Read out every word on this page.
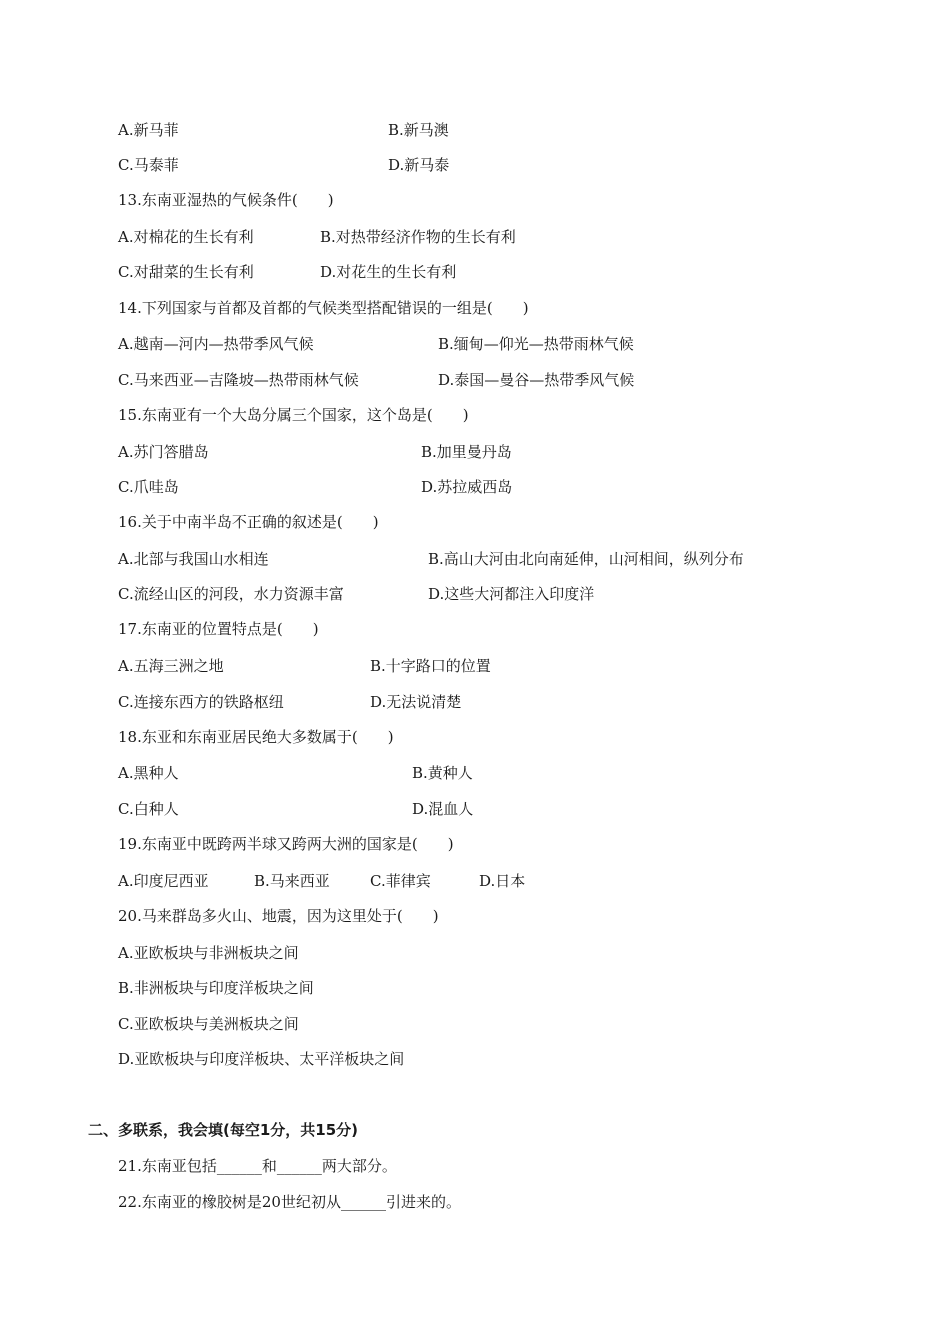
A.新马菲	B.新马澳
C.马泰菲	D.新马泰
13.东南亚湿热的气候条件(　　)
A.对棉花的生长有利	B.对热带经济作物的生长有利
C.对甜菜的生长有利	D.对花生的生长有利
14.下列国家与首都及首都的气候类型搭配错误的一组是(　　)
A.越南—河内—热带季风气候	B.缅甸—仰光—热带雨林气候
C.马来西亚—吉隆坡—热带雨林气候	D.泰国—曼谷—热带季风气候
15.东南亚有一个大岛分属三个国家，这个岛是(　　)
A.苏门答腊岛	B.加里曼丹岛
C.爪哇岛	D.苏拉威西岛
16.关于中南半岛不正确的叙述是(　　)
A.北部与我国山水相连	B.高山大河由北向南延伸，山河相间，纵列分布
C.流经山区的河段，水力资源丰富	D.这些大河都注入印度洋
17.东南亚的位置特点是(　　)
A.五海三洲之地	B.十字路口的位置
C.连接东西方的铁路枢纽	D.无法说清楚
18.东亚和东南亚居民绝大多数属于(　　)
A.黑种人	B.黄种人
C.白种人	D.混血人
19.东南亚中既跨两半球又跨两大洲的国家是(　　)
A.印度尼西亚	B.马来西亚	C.菲律宾	D.日本
20.马来群岛多火山、地震，因为这里处于(　　)
A.亚欧板块与非洲板块之间
B.非洲板块与印度洋板块之间
C.亚欧板块与美洲板块之间
D.亚欧板块与印度洋板块、太平洋板块之间
二、多联系，我会填(每空1分，共15分)
21.东南亚包括______和______两大部分。
22.东南亚的橡胶树是20世纪初从______引进来的。
